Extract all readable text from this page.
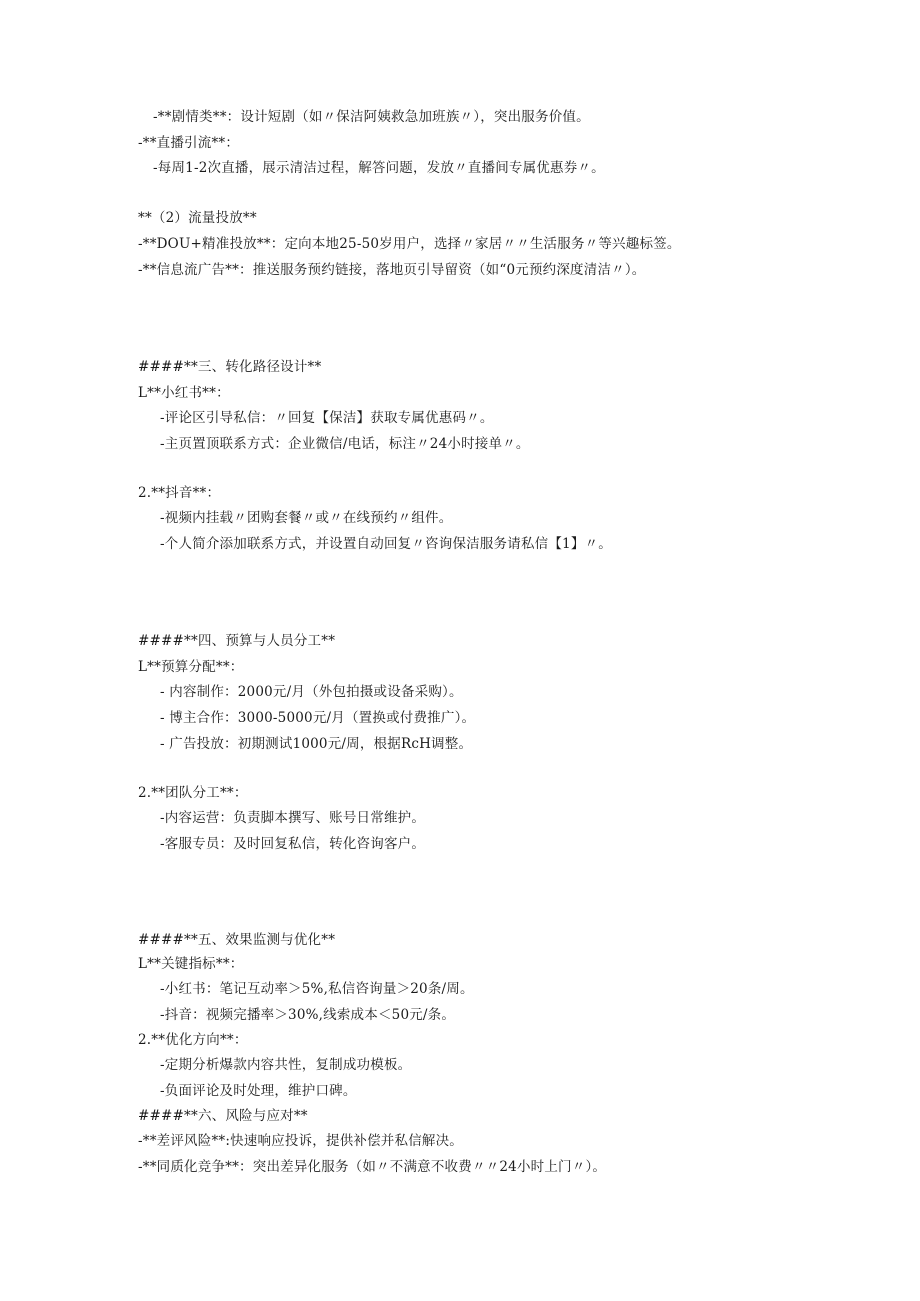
-**剧情类**：设计短剧（如〃保洁阿姨救急加班族〃），突出服务价值。
-**直播引流**：
-每周1-2次直播，展示清洁过程，解答问题，发放〃直播间专属优惠券〃。
**（2）流量投放**
-**DOU+精准投放**：定向本地25-50岁用户，选择〃家居〃〃生活服务〃等兴趣标签。
-**信息流广告**：推送服务预约链接，落地页引导留资（如“0元预约深度清洁〃）。
####**三、转化路径设计**
L**小红书**：
-评论区引导私信：〃回复【保洁】获取专属优惠码〃。
-主页置顶联系方式：企业微信/电话，标注〃24小时接单〃。
2.**抖音**：
-视频内挂载〃团购套餐〃或〃在线预约〃组件。
-个人简介添加联系方式，并设置自动回复〃咨询保洁服务请私信【1】〃。
####**四、预算与人员分工**
L**预算分配**：
- 内容制作：2000元/月（外包拍摄或设备采购）。
- 博主合作：3000-5000元/月（置换或付费推广）。
- 广告投放：初期测试1000元/周，根据RcH调整。
2.**团队分工**：
-内容运营：负责脚本撰写、账号日常维护。
-客服专员：及时回复私信，转化咨询客户。
####**五、效果监测与优化**
L**关键指标**：
-小红书：笔记互动率＞5%,私信咨询量＞20条/周。
-抖音：视频完播率＞30%,线索成本＜50元/条。
2.**优化方向**：
-定期分析爆款内容共性，复制成功模板。
-负面评论及时处理，维护口碑。
####**六、风险与应对**
-**差评风险**:快速响应投诉，提供补偿并私信解决。
-**同质化竞争**：突出差异化服务（如〃不满意不收费〃〃24小时上门〃）。
